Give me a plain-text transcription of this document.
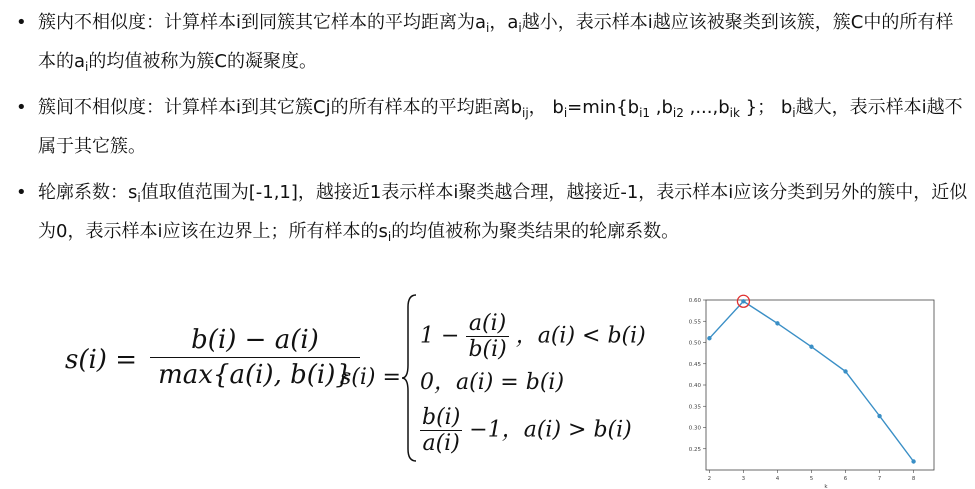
• 簇内不相似度：计算样本i到同簇其它样本的平均距离为$a_i$，$a_i$越小，表示样本i越应该被聚类到该簇，簇C中的所有样本的$a_i$的均值被称为簇C的凝聚度。
• 簇间不相似度：计算样本i到其它簇Cj的所有样本的平均距离$b_{ij}$， $b_i=\min\{b_{i1}$ $,b_{i2}$ $,...,b_{ik}$ }； $b_i$越大，表示样本i越不属于其它簇。
• 轮廓系数：$s_i$值取值范围为[-1,1]，越接近1表示样本i聚类越合理，越接近-1，表示样本i应该分类到另外的簇中，近似为0，表示样本i应该在边界上；所有样本的$s_i$的均值被称为聚类结果的轮廓系数。
s(i) =
b(i) − a(i)
max{a(i), b(i)}
s(i) =
$1 - \frac{a(i)}{b(i)}$ ，a(i) < b(i)
0，a(i) = b(i)
$\frac{b(i)}{a(i)} -1$，a(i) > b(i)
0.25
0.30
0.35
0.40
0.45
0.50
0.55
0.60
2	3	4	5	6	7	8
k
